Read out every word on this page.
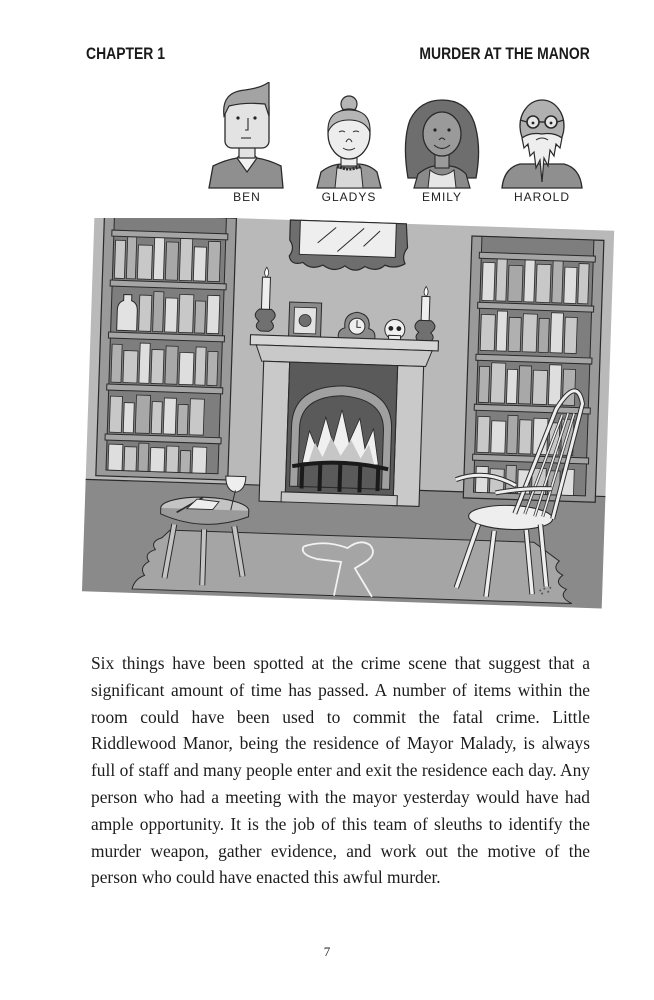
CHAPTER 1	MURDER AT THE MANOR
BEN	GLADYS	EMILY	HAROLD

Six things have been spotted at the crime scene that suggest that a significant amount of time has passed. A number of items within the room could have been used to commit the fatal crime. Little Riddlewood Manor, being the residence of Mayor Malady, is always full of staff and many people enter and exit the residence each day. Any person who had a meeting with the mayor yesterday would have had ample opportunity. It is the job of this team of sleuths to identify the murder weapon, gather evidence, and work out the motive of the person who could have enacted this awful murder.

7
